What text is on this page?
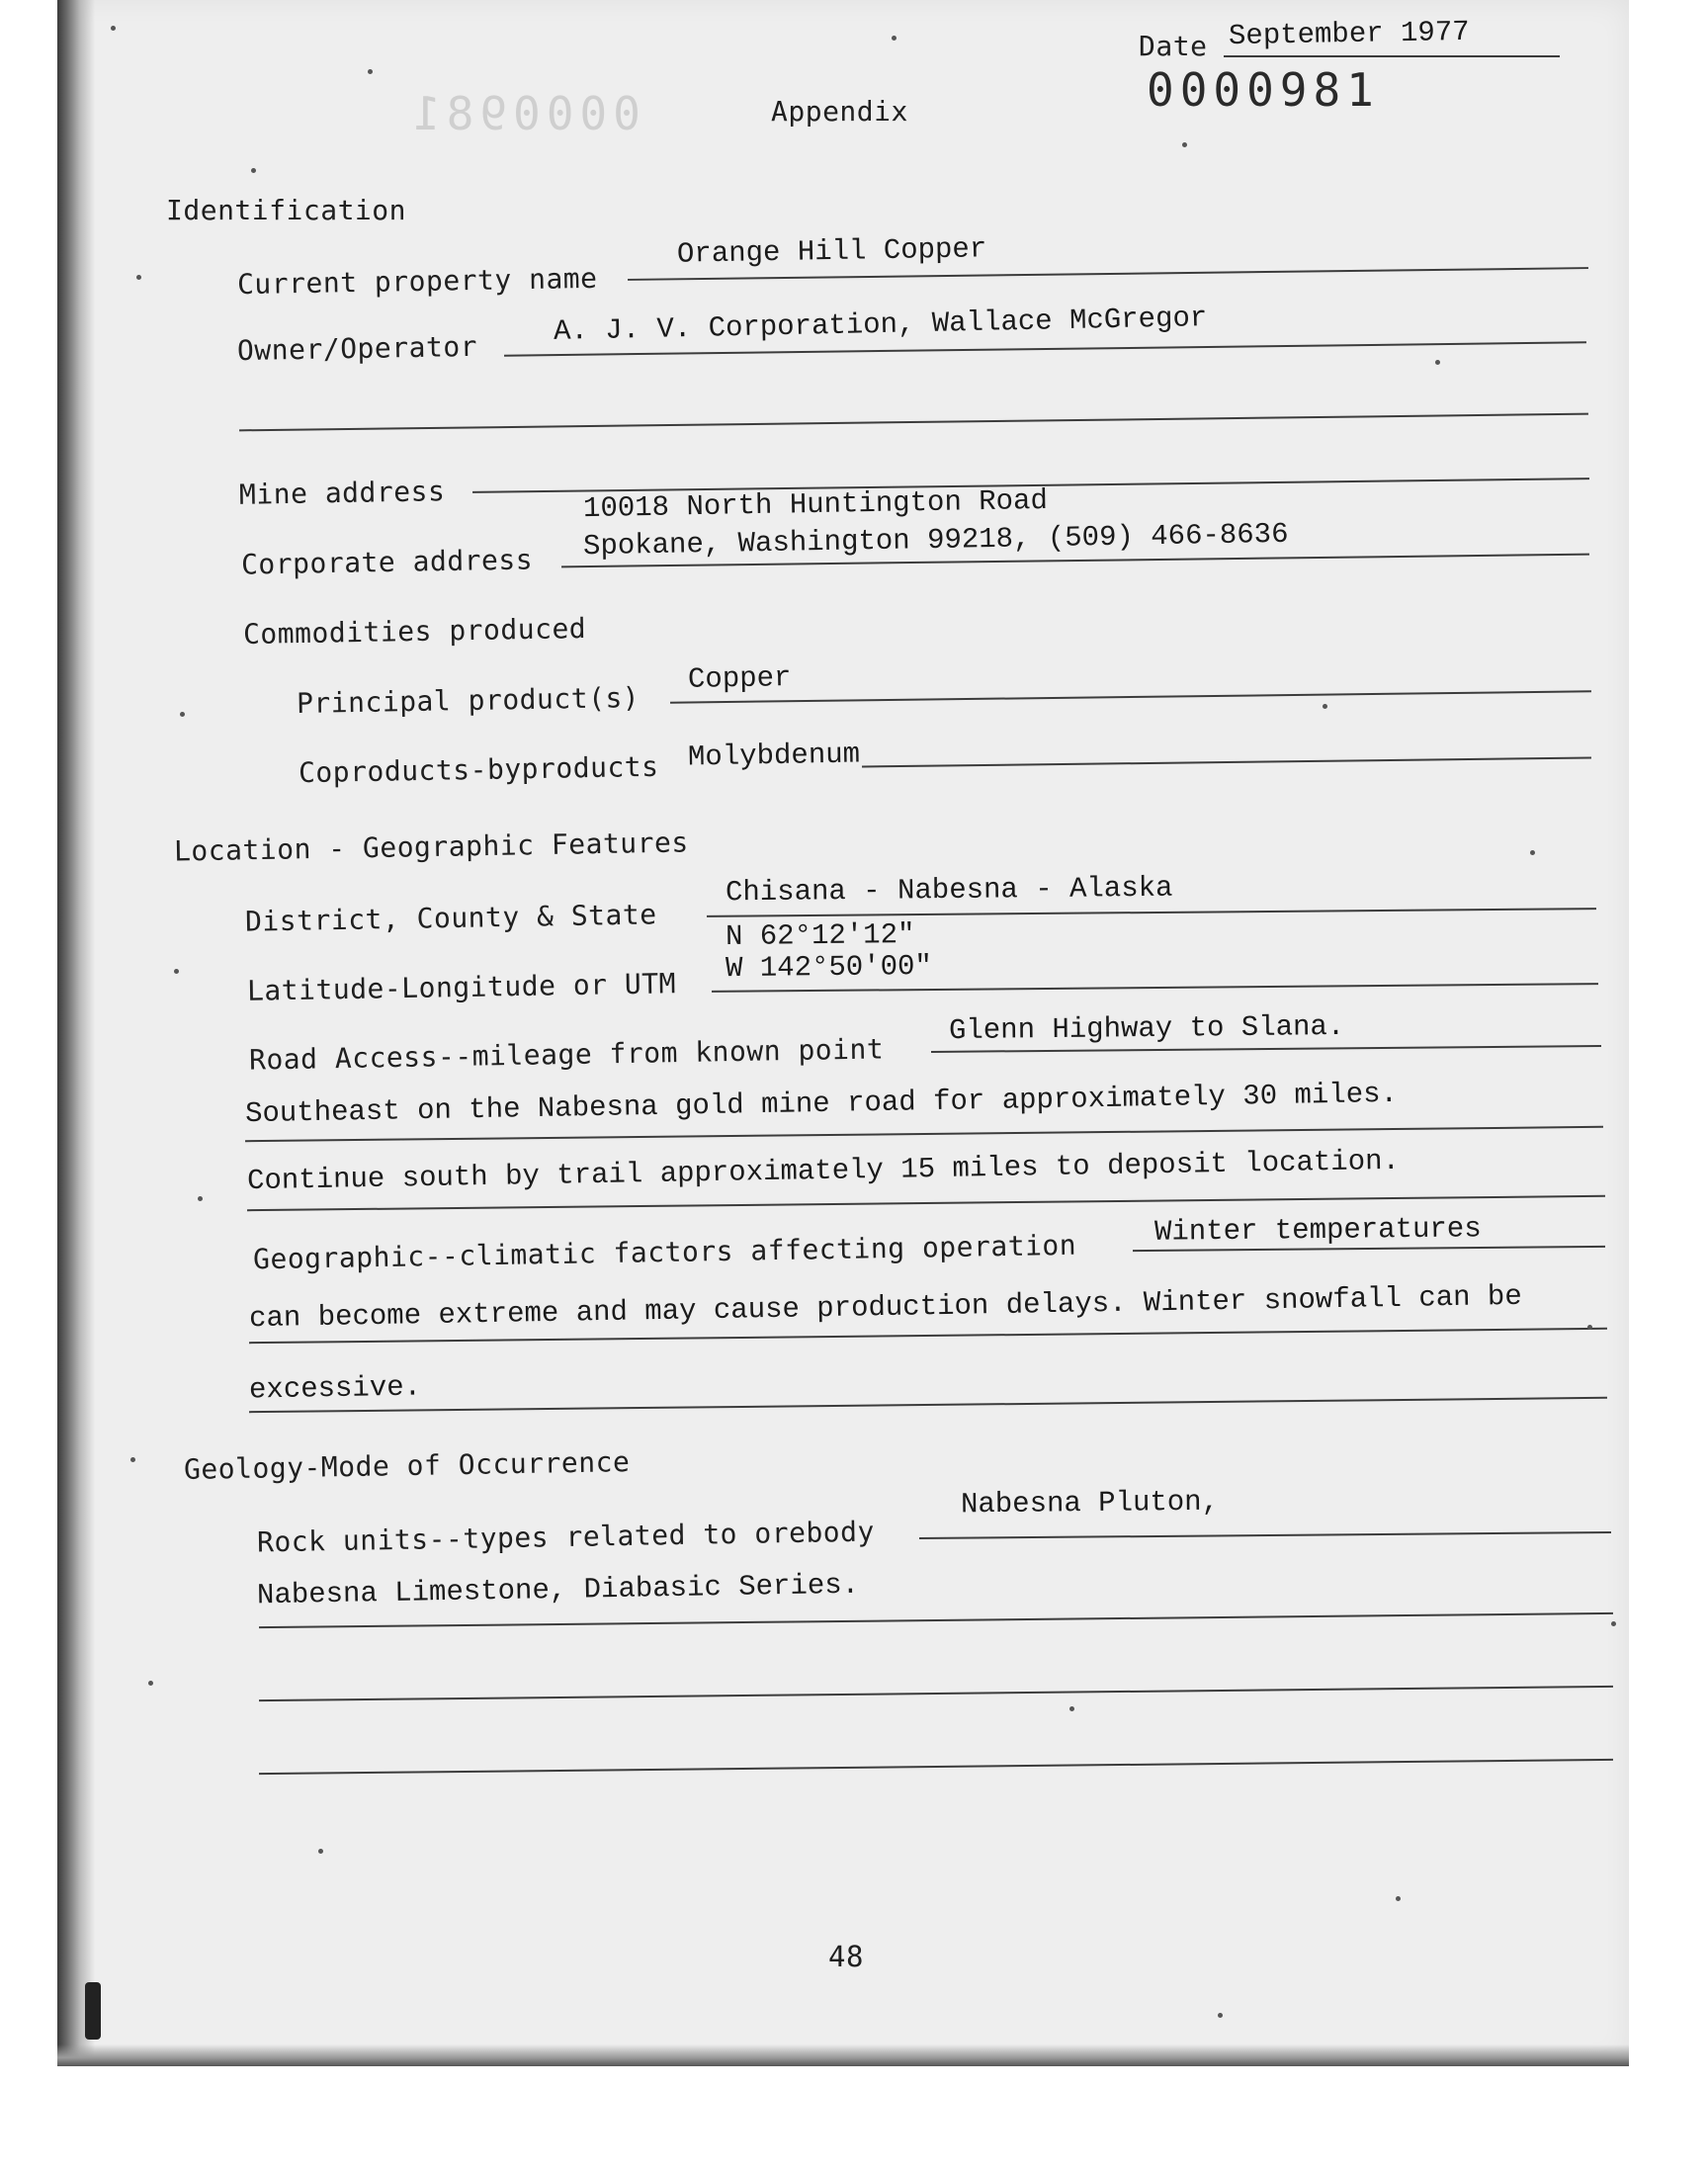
0000981
Date September 1977
0000981
Appendix
Identification
Current property name
Orange Hill Copper
Owner/Operator
A. J. V. Corporation, Wallace McGregor
Mine address	10018 North Huntington Road
Corporate address Spokane, Washington 99218, (509) 466-8636
Commodities produced
Principal product(s)
Copper
Coproducts-byproducts Molybdenum
Location - Geographic Features
District, County & State
Chisana - Nabesna - Alaska
N 62°12'12"
Latitude-Longitude or UTM W 142°50'00"
Road Access--mileage from known point
Glenn Highway to Slana.
Southeast on the Nabesna gold mine road for approximately 30 miles.
Continue south by trail approximately 15 miles to deposit location.
Geographic--climatic factors affecting operation	Winter temperatures
can become extreme and may cause production delays. Winter snowfall can be
excessive.
Geology-Mode of Occurrence
Rock units--types related to orebody
Nabesna Pluton,
Nabesna Limestone, Diabasic Series.
48
